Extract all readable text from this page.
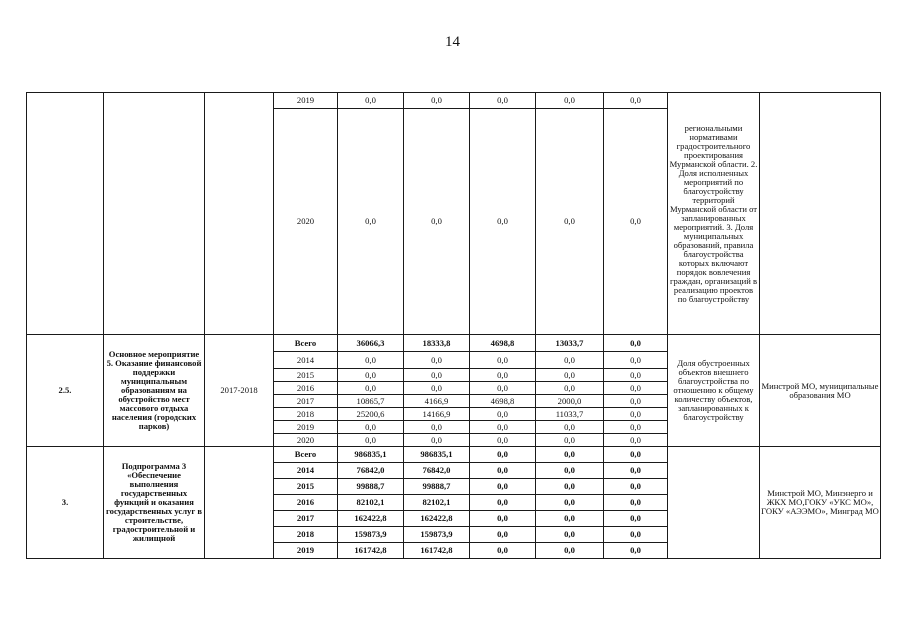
14
			2019	0,0	0,0	0,0	0,0	0,0	региональными нормативами градостроительного проектирования Мурманской области. 2. Доля исполненных мероприятий по благоустройству территорий Мурманской области от запланированных мероприятий. 3. Доля муниципальных образований, правила благоустройства которых включают порядок вовлечения граждан, организаций в реализацию проектов по благоустройству	
			2020	0,0	0,0	0,0	0,0	0,0		
2.5.	Основное мероприятие 5. Оказание финансовой поддержки муниципальным образованиям на обустройство мест массового отдыха населения (городских парков)	2017-2018	Всего	36066,3	18333,8	4698,8	13033,7	0,0	Доля обустроенных объектов внешнего благоустройства по отношению к общему количеству объектов, запланированных к благоустройству	Минстрой МО, муниципальные образования МО
			2014	0,0	0,0	0,0	0,0	0,0		
			2015	0,0	0,0	0,0	0,0	0,0		
			2016	0,0	0,0	0,0	0,0	0,0		
			2017	10865,7	4166,9	4698,8	2000,0	0,0		
			2018	25200,6	14166,9	0,0	11033,7	0,0		
			2019	0,0	0,0	0,0	0,0	0,0		
			2020	0,0	0,0	0,0	0,0	0,0		
3.	Подпрограмма 3 «Обеспечение выполнения государственных функций и оказания государственных услуг в строительстве, градостроительной и жилищной		Всего	986835,1	986835,1	0,0	0,0	0,0		Минстрой МО, Минэнерго и ЖКХ МО,ГОКУ «УКС МО», ГОКУ «АЭЭМО», Минград МО
			2014	76842,0	76842,0	0,0	0,0	0,0		
			2015	99888,7	99888,7	0,0	0,0	0,0		
			2016	82102,1	82102,1	0,0	0,0	0,0		
			2017	162422,8	162422,8	0,0	0,0	0,0		
			2018	159873,9	159873,9	0,0	0,0	0,0		
			2019	161742,8	161742,8	0,0	0,0	0,0		
